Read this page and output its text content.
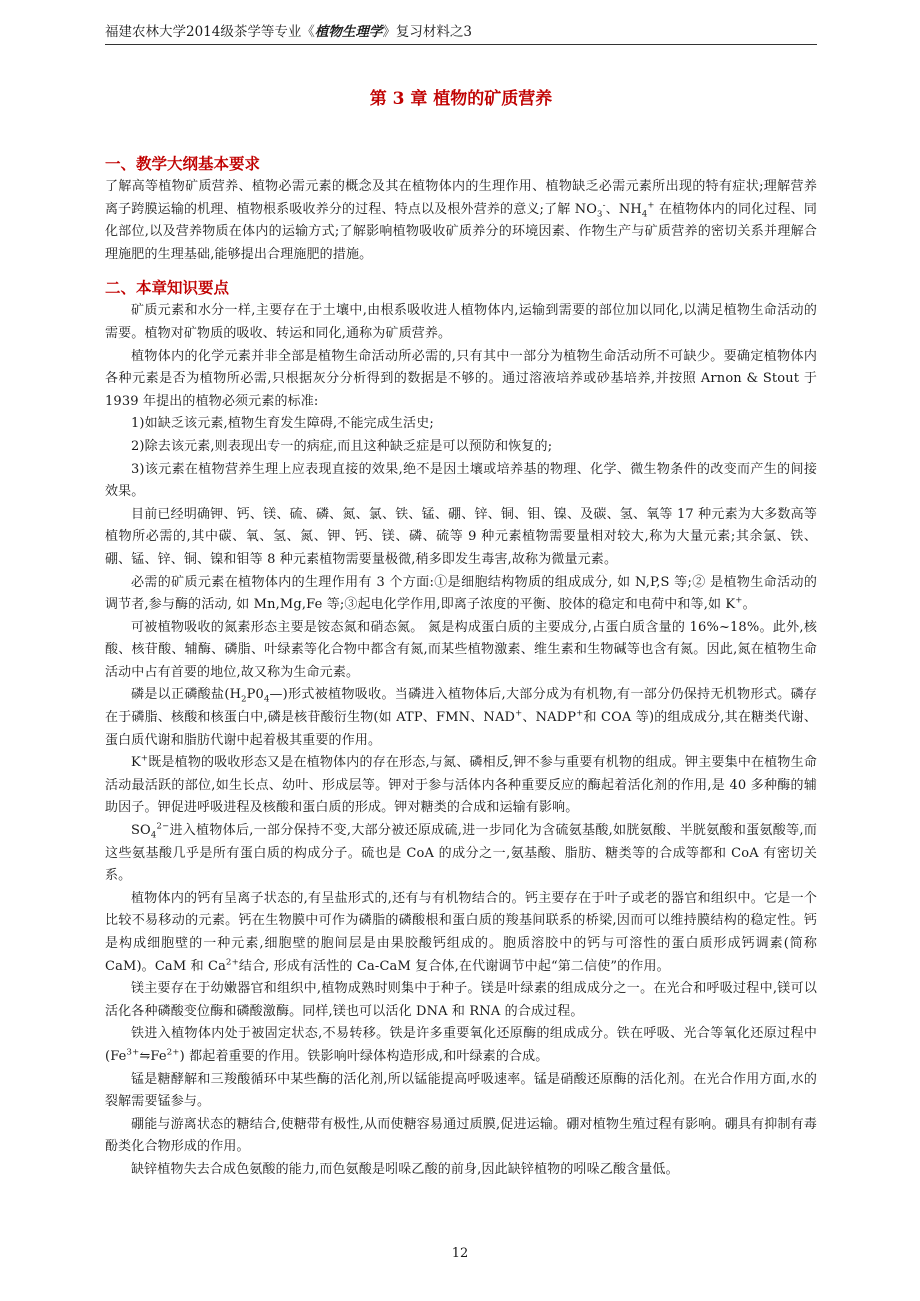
福建农林大学2014级茶学等专业《植物生理学》复习材料之3
第 3 章 植物的矿质营养
一、教学大纲基本要求

了解高等植物矿质营养、植物必需元素的概念及其在植物体内的生理作用、植物缺乏必需元素所出现的特有症状;理解营养离子跨膜运输的机理、植物根系吸收养分的过程、特点以及根外营养的意义;了解 $NO_3^-$、$NH_4^+$ 在植物体内的同化过程、同化部位,以及营养物质在体内的运输方式;了解影响植物吸收矿质养分的环境因素、作物生产与矿质营养的密切关系并理解合理施肥的生理基础,能够提出合理施肥的措施。

二、本章知识要点

矿质元素和水分一样,主要存在于土壤中,由根系吸收进人植物体内,运输到需要的部位加以同化,以满足植物生命活动的需要。植物对矿物质的吸收、转运和同化,通称为矿质营养。

植物体内的化学元素并非全部是植物生命活动所必需的,只有其中一部分为植物生命活动所不可缺少。要确定植物体内各种元素是否为植物所必需,只根据灰分分析得到的数据是不够的。通过溶液培养或砂基培养,并按照 Arnon & Stout 于 1939 年提出的植物必须元素的标准:

1)如缺乏该元素,植物生育发生障碍,不能完成生活史;

2)除去该元素,则表现出专一的病症,而且这种缺乏症是可以预防和恢复的;

3)该元素在植物营养生理上应表现直接的效果,绝不是因土壤或培养基的物理、化学、微生物条件的改变而产生的间接效果。

目前已经明确钾、钙、镁、硫、磷、氮、氯、铁、锰、硼、锌、铜、钼、镍、及碳、氢、氧等 17 种元素为大多数高等植物所必需的,其中碳、氧、氢、氮、钾、钙、镁、磷、硫等 9 种元素植物需要量相对较大,称为大量元素;其余氯、铁、硼、锰、锌、铜、镍和钼等 8 种元素植物需要量极微,稍多即发生毒害,故称为微量元素。

必需的矿质元素在植物体内的生理作用有 3 个方面:①是细胞结构物质的组成成分, 如 N,P,S 等;② 是植物生命活动的调节者,参与酶的活动, 如 Mn,Mg,Fe 等;③起电化学作用,即离子浓度的平衡、胶体的稳定和电荷中和等,如 K+。

可被植物吸收的氮素形态主要是铵态氮和硝态氮。 氮是构成蛋白质的主要成分,占蛋白质含量的 16%~18%。此外,核酸、核苷酸、辅酶、磷脂、叶绿素等化合物中都含有氮,而某些植物激素、维生素和生物碱等也含有氮。因此,氮在植物生命活动中占有首要的地位,故又称为生命元素。

磷是以正磷酸盐$(H_2P0_4—)$形式被植物吸收。当磷进入植物体后,大部分成为有机物,有一部分仍保持无机物形式。磷存在于磷脂、核酸和核蛋白中,磷是核苷酸衍生物(如 ATP、FMN、NAD+、NADP+和 COA 等)的组成成分,其在糖类代谢、蛋白质代谢和脂肪代谢中起着极其重要的作用。

K+既是植物的吸收形态又是在植物体内的存在形态,与氮、磷相反,钾不参与重要有机物的组成。钾主要集中在植物生命活动最活跃的部位,如生长点、幼叶、形成层等。钾对于参与活体内各种重要反应的酶起着活化剂的作用,是 40 多种酶的辅助因子。钾促进呼吸进程及核酸和蛋白质的形成。钾对糖类的合成和运输有影响。

$SO_4^{2-}$进入植物体后,一部分保持不变,大部分被还原成硫,进一步同化为含硫氨基酸,如胱氨酸、半胱氨酸和蛋氨酸等,而这些氨基酸几乎是所有蛋白质的构成分子。硫也是 CoA 的成分之一,氨基酸、脂肪、糖类等的合成等都和 CoA 有密切关系。

植物体内的钙有呈离子状态的,有呈盐形式的,还有与有机物结合的。钙主要存在于叶子或老的器官和组织中。它是一个比较不易移动的元素。钙在生物膜中可作为磷脂的磷酸根和蛋白质的羧基间联系的桥梁,因而可以维持膜结构的稳定性。钙是构成细胞壁的一种元素,细胞壁的胞间层是由果胶酸钙组成的。胞质溶胶中的钙与可溶性的蛋白质形成钙调素(简称 CaM)。CaM 和 $Ca^{2+}$结合, 形成有活性的 Ca-CaM 复合体,在代谢调节中起“第二信使”的作用。

镁主要存在于幼嫩器官和组织中,植物成熟时则集中于种子。镁是叶绿素的组成成分之一。在光合和呼吸过程中,镁可以活化各种磷酸变位酶和磷酸激酶。同样,镁也可以活化 DNA 和 RNA 的合成过程。

铁进入植物体内处于被固定状态,不易转移。铁是许多重要氧化还原酶的组成成分。铁在呼吸、光合等氧化还原过程中 $(Fe^{3+}⇋Fe^{2+})$ 都起着重要的作用。铁影响叶绿体构造形成,和叶绿素的合成。

锰是糖酵解和三羧酸循环中某些酶的活化剂,所以锰能提高呼吸速率。锰是硝酸还原酶的活化剂。在光合作用方面,水的裂解需要锰参与。

硼能与游离状态的糖结合,使糖带有极性,从而使糖容易通过质膜,促进运输。硼对植物生殖过程有影响。硼具有抑制有毒酚类化合物形成的作用。

缺锌植物失去合成色氨酸的能力,而色氨酸是吲哚乙酸的前身,因此缺锌植物的吲哚乙酸含量低。

12
